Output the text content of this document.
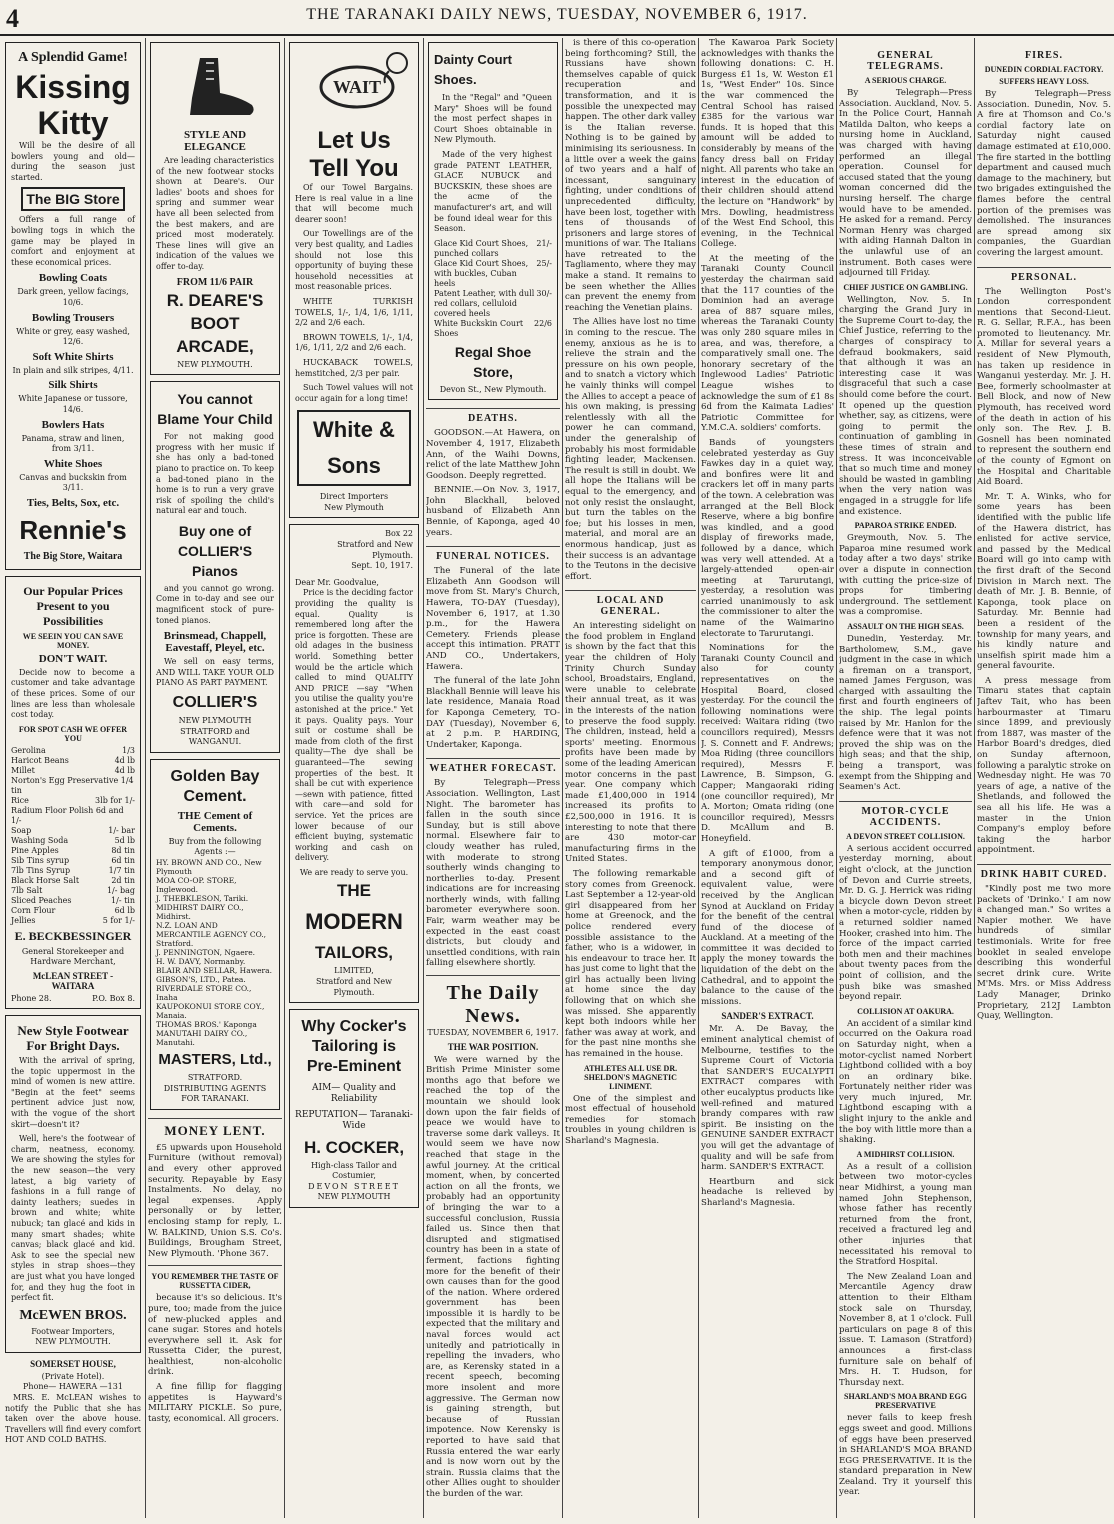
4	THE TARANAKI DAILY NEWS, TUESDAY, NOVEMBER 6, 1917.
A Splendid Game!
Kissing
Kitty

Will be the desire of all bowlers young and old—during the season just started.

The BIG Store

Offers a full range of bowling togs in which the game may be played in comfort and enjoyment at these economical prices.

Bowling Coats
Dark green, yellow facings, 10/6.
Bowling Trousers
White or grey, easy washed, 12/6.
Soft White Shirts
In plain and silk stripes, 4/11.
Silk Shirts
White Japanese or tussore, 14/6.
Bowlers Hats
Panama, straw and linen, from 3/11.
White Shoes
Canvas and buckskin from 3/11.
Ties, Belts, Sox, etc.
Rennie's
The Big Store, Waitara
Our Popular Prices Present to you Possibilities
WE SEEIN YOU CAN SAVE MONEY.
DON'T WAIT.

Decide now to become a customer and take advantage of these prices. Some of our lines are less than wholesale cost today.

FOR SPOT CASH WE OFFER YOU
Gerolina	1/3
Haricot Beans	4d lb
Millet	4d lb
Norton's Egg Preservative 1/4 tin
Rice	3lb for 1/-
Radium Floor Polish 6d and 1/-
Soap	1/- bar
Washing Soda	5d lb
Pine Apples	8d tin
Sib Tins syrup	6d tin
7lb Tins Syrup	1/7 tin
Black Horse Salt	2d tin
7lb Salt	1/- bag
Sliced Peaches	1/- tin
Corn Flour	6d lb
Jellies	5 for 1/-
E. BECKBESSINGER
General Storekeeper and Hardware Merchant,
McLEAN STREET - WAITARA
Phone 28.	P.O. Box 8.
New Style Footwear For Bright Days.

With the arrival of spring, the topic uppermost in the mind of women is new attire. "Begin at the feet" seems pertinent advice just now, with the vogue of the short skirt—doesn't it?

Well, here's the footwear of charm, neatness, economy. We are showing the styles for the new season—the very latest, a big variety of fashions in a full range of dainty leathers; suedes in brown and white; white nubuck; tan glacé and kids in many smart shades; white canvas; black glacé and kid. Ask to see the special new styles in strap shoes—they are just what you have longed for, and they hug the foot in perfect fit.

McEWEN BROS.
Footwear Importers,
NEW PLYMOUTH.
SOMERSET HOUSE,
(Private Hotel).
Phone— HAWERA —131

MRS. E. McLEAN wishes to notify the Public that she has taken over the above house. Travellers will find every comfort HOT AND COLD BATHS.

STYLE AND ELEGANCE

Are leading characteristics of the new footwear stocks shown at Deare's. Our ladies' boots and shoes for spring and summer wear have all been selected from the best makers, and are priced most moderately. These lines will give an indication of the values we offer to-day.

FROM 11/6 PAIR
R. DEARE'S
BOOT
ARCADE,
NEW PLYMOUTH.
You cannot Blame Your Child

For not making good progress with her music if she has only a bad-toned piano to practice on. To keep a bad-toned piano in the home is to run a very grave risk of spoiling the child's natural ear and touch.

Buy one of COLLIER'S Pianos

and you cannot go wrong. Come in to-day and see our magnificent stock of pure-toned pianos.

Brinsmead, Chappell, Eavestaff, Pleyel, etc.

We sell on easy terms, AND WILL TAKE YOUR OLD PIANO AS PART PAYMENT.

COLLIER'S
NEW PLYMOUTH
STRATFORD and
WANGANUI.
Golden Bay Cement.
THE Cement of Cements.
Buy from the following Agents :—
HY. BROWN AND CO., New Plymouth
MOA CO-OP. STORE, Inglewood.
J. THEBKLESON, Tariki.
MIDHIRST DAIRY CO., Midhirst.
N.Z. LOAN AND MERCANTILE AGENCY CO., Stratford.
J. PENNINGTON, Ngaere.
H. W. DAVY, Normanby.
BLAIR AND SELLAR, Hawera.
GIBSON'S, LTD., Patea.
RIVERDALE STORE CO., Inaha
KAUPOKONUI STORE COY., Manaia.
THOMAS BROS.' Kaponga
MANUTAHI DAIRY CO., Manutahi.
MASTERS, Ltd.,
STRATFORD.
DISTRIBUTING AGENTS FOR TARANAKI.
MONEY LENT.

£5 upwards upon Household Furniture (without removal) and every other approved security. Repayable by Easy Instalments. No delay, no legal expenses. Apply personally or by letter, enclosing stamp for reply, L. W. BALKIND, Union S.S. Co's. Buildings, Brougham Street, New Plymouth. 'Phone 367.

YOU REMEMBER THE TASTE OF RUSSETTA CIDER,

because it's so delicious. It's pure, too; made from the juice of new-plucked apples and cane sugar. Stores and hotels everywhere sell it. Ask for Russetta Cider, the purest, healthiest, non-alcoholic drink.

A fine fillip for flagging appetites is Hayward's MILITARY PICKLE. So pure, tasty, economical. All grocers.

WAIT
Let Us Tell You

Of our Towel Bargains. Here is real value in a line that will become much dearer soon!

Our Towellings are of the very best quality, and Ladies should not lose this opportunity of buying these household necessities at most reasonable prices.

WHITE TURKISH TOWELS, 1/-, 1/4, 1/6, 1/11, 2/2 and 2/6 each.

BROWN TOWELS, 1/-, 1/4, 1/6, 1/11, 2/2 and 2/6 each.

HUCKABACK TOWELS, hemstitched, 2/3 per pair.

Such Towel values will not occur again for a long time!

White & Sons
Direct Importers
New Plymouth
Box 22
Stratford and New Plymouth.
Sept. 10, 1917.
Dear Mr. Goodvalue,

Price is the deciding factor providing the quality is equal. Quality is remembered long after the price is forgotten. These are old adages in the business world. Something better would be the article which called to mind QUALITY AND PRICE —say "When you utilise the quality you're astonished at the price." Yet it pays. Quality pays. Your suit or costume shall be made from cloth of the first quality—The dye shall be guaranteed—The sewing properties of the best. It shall be cut with experience—sewn with patience, fitted with care—and sold for service. Yet the prices are lower because of our efficient buying, systematic working and cash on delivery.

We are ready to serve you.
THE
MODERN
TAILORS,
LIMITED,
Stratford and New Plymouth.
Why Cocker's Tailoring is Pre-Eminent
AIM— Quality and Reliability
REPUTATION— Taranaki-Wide
H. COCKER,
High-class Tailor and Costumier,
DEVON STREET
NEW PLYMOUTH
Dainty Court Shoes.

In the "Regal" and "Queen Mary" Shoes will be found the most perfect shapes in Court Shoes obtainable in New Plymouth.

Made of the very highest grade PATENT LEATHER, GLACE NUBUCK and BUCKSKIN, these shoes are the acme of the manufacturer's art, and will be found ideal wear for this Season.

Glace Kid Court Shoes, punched collars
21/-
Glace Kid Court Shoes, with buckles, Cuban heels
25/-
Patent Leather, with dull red collars, celluloid covered heels
30/-
White Buckskin Court Shoes
22/6
Regal Shoe Store,
Devon St., New Plymouth.
DEATHS.

GOODSON.—At Hawera, on November 4, 1917, Elizabeth Ann, of the Waihi Downs, relict of the late Matthew John Goodson. Deeply regretted.

BENNIE.—On Nov. 3, 1917, John Blackhall, beloved husband of Elizabeth Ann Bennie, of Kaponga, aged 40 years.

FUNERAL NOTICES.

The Funeral of the late Elizabeth Ann Goodson will move from St. Mary's Church, Hawera, TO-DAY (Tuesday), November 6, 1917, at 1.30 p.m., for the Hawera Cemetery. Friends please accept this intimation. PRATT AND CO., Undertakers, Hawera.

The funeral of the late John Blackhall Bennie will leave his late residence, Manaia Road for Kaponga Cemetery, TO-DAY (Tuesday), November 6, at 2 p.m. P. HARDING, Undertaker, Kaponga.

WEATHER FORECAST.

By Telegraph—Press Association. Wellington, Last Night. The barometer has fallen in the south since Sunday, but is still above normal. Elsewhere fair to cloudy weather has ruled, with moderate to strong southerly winds changing to northerlies to-day. Present indications are for increasing northerly winds, with falling barometer everywhere soon. Fair, warm weather may be expected in the east coast districts, but cloudy and unsettled conditions, with rain falling elsewhere shortly.

The Daily News.
TUESDAY, NOVEMBER 6, 1917.
THE WAR POSITION.

We were warned by the British Prime Minister some months ago that before we reached the top of the mountain we should look down upon the fair fields of peace we would have to traverse some dark valleys. It would seem we have now reached that stage in the awful journey. At the critical moment, when, by concerted action on all the fronts, we probably had an opportunity of bringing the war to a successful conclusion, Russia failed us. Since then that disrupted and stigmatised country has been in a state of ferment, factions fighting more for the benefit of their own causes than for the good of the nation. Where ordered government has been impossible it is hardly to be expected that the military and naval forces would act unitedly and patriotically in repelling the invaders, who are, as Kerensky stated in a recent speech, becoming more insolent and more aggressive. The German now is gaining strength, but because of Russian impotence. Now Kerensky is reported to have said that Russia entered the war early and is now worn out by the strain. Russia claims that the other Allies ought to shoulder the burden of the war.

is there of this co-operation being forthcoming? Still, the Russians have shown themselves capable of quick recuperation and transformation, and it is possible the unexpected may happen. The other dark valley is the Italian reverse. Nothing is to be gained by minimising its seriousness. In a little over a week the gains of two years and a half of incessant, sanguinary fighting, under conditions of unprecedented difficulty, have been lost, together with tens of thousands of prisoners and large stores of munitions of war. The Italians have retreated to the Tagliamento, where they may make a stand. It remains to be seen whether the Allies can prevent the enemy from reaching the Venetian plains.

The Allies have lost no time in coming to the rescue. The enemy, anxious as he is to relieve the strain and the pressure on his own people, and to snatch a victory which he vainly thinks will compel the Allies to accept a peace of his own making, is pressing relentlessly with all the power he can command, under the generalship of probably his most formidable fighting leader, Mackensen. The result is still in doubt. We all hope the Italians will be equal to the emergency, and not only resist the onslaught, but turn the tables on the foe; but his losses in men, material, and moral are an enormous handicap, just as their success is an advantage to the Teutons in the decisive effort.

LOCAL AND GENERAL.

An interesting sidelight on the food problem in England is shown by the fact that this year the children of Holy Trinity Church Sunday school, Broadstairs, England, were unable to celebrate their annual treat, as it was in the interests of the nation to preserve the food supply. The children, instead, held a sports' meeting. Enormous profits have been made by some of the leading American motor concerns in the past year. One company which made £1,400,000 in 1914 increased its profits to £2,500,000 in 1916. It is interesting to note that there are 430 motor-car manufacturing firms in the United States.

The following remarkable story comes from Greenock. Last September a 12-year-old girl disappeared from her home at Greenock, and the police rendered every possible assistance to the father, who is a widower, in his endeavour to trace her. It has just come to light that the girl has actually been living at home since the day following that on which she was missed. She apparently kept both indoors while her father was away at work, and for the past nine months she has remained in the house.

ATHLETES ALL USE DR. SHELDON'S MAGNETIC LINIMENT.

One of the simplest and most effectual of household remedies for stomach troubles in young children is Sharland's Magnesia.

The Kawaroa Park Society acknowledges with thanks the following donations: C. H. Burgess £1 1s, W. Weston £1 1s, "West Ender" 10s. Since the war commenced the Central School has raised £385 for the various war funds. It is hoped that this amount will be added to considerably by means of the fancy dress ball on Friday night. All parents who take an interest in the education of their children should attend the lecture on "Handwork" by Mrs. Dowling, headmistress of the West End School, this evening, in the Technical College.

At the meeting of the Taranaki County Council yesterday the chairman said that the 117 counties of the Dominion had an average area of 887 square miles, whereas the Taranaki County was only 280 square miles in area, and was, therefore, a comparatively small one. The honorary secretary of the Inglewood Ladies' Patriotic League wishes to acknowledge the sum of £1 8s 6d from the Kaimata Ladies' Patriotic Committee for Y.M.C.A. soldiers' comforts.

Bands of youngsters celebrated yesterday as Guy Fawkes day in a quiet way, and bonfires were lit and crackers let off in many parts of the town. A celebration was arranged at the Bell Block Reserve, where a big bonfire was kindled, and a good display of fireworks made, followed by a dance, which was very well attended. At a largely-attended open-air meeting at Tarurutangi, yesterday, a resolution was carried unanimously to ask the commissioner to alter the name of the Waimarino electorate to Tarurutangi.

Nominations for the Taranaki County Council and also for county representatives on the Hospital Board, closed yesterday. For the council the following nominations were received: Waitara riding (two councillors required), Messrs J. S. Connett and F. Andrews; Moa Riding (three councillors required), Messrs F. Lawrence, B. Simpson, G. Capper; Mangaoraki riding (one councillor required), Mr A. Morton; Omata riding (one councillor required), Messrs D. McAllum and B. Honeyfield.

A gift of £1000, from a temporary anonymous donor, and a second gift of equivalent value, were received by the Anglican Synod at Auckland on Friday for the benefit of the central fund of the diocese of Auckland. At a meeting of the committee it was decided to apply the money towards the liquidation of the debt on the Cathedral, and to appoint the balance to the cause of the missions.

SANDER'S EXTRACT.

Mr. A. De Bavay, the eminent analytical chemist of Melbourne, testifies to the Supreme Court of Victoria that SANDER'S EUCALYPTI EXTRACT compares with other eucalyptus products like well-refined and matured brandy compares with raw spirit. Be insisting on the GENUINE SANDER EXTRACT you will get the advantage of quality and will be safe from harm. SANDER'S EXTRACT.

Heartburn and sick headache is relieved by Sharland's Magnesia.

GENERAL TELEGRAMS.
A SERIOUS CHARGE.

By Telegraph—Press Association. Auckland, Nov. 5. In the Police Court, Hannah Matilda Dalton, who keeps a nursing home in Auckland, was charged with having performed an illegal operation. Counsel for accused stated that the young woman concerned did the nursing herself. The charge would have to be amended. He asked for a remand. Percy Norman Henry was charged with aiding Hannah Dalton in the unlawful use of an instrument. Both cases were adjourned till Friday.

CHIEF JUSTICE ON GAMBLING.

Wellington, Nov. 5. In charging the Grand Jury in the Supreme Court to-day, the Chief Justice, referring to the charges of conspiracy to defraud bookmakers, said that although it was an interesting case it was disgraceful that such a case should come before the court. It opened up the question whether, say, as citizens, were going to permit the continuation of gambling in these times of strain and stress. It was inconceivable that so much time and money should be wasted in gambling when the very nation was engaged in a struggle for life and existence.

PAPAROA STRIKE ENDED.

Greymouth, Nov. 5. The Paparoa mine resumed work today after a two days' strike over a dispute in connection with cutting the price-size of props for timbering underground. The settlement was a compromise.

ASSAULT ON THE HIGH SEAS.

Dunedin, Yesterday. Mr. Bartholomew, S.M., gave judgment in the case in which a fireman on a transport, named James Ferguson, was charged with assaulting the first and fourth engineers of the ship. The legal points raised by Mr. Hanlon for the defence were that it was not proved the ship was on the high seas; and that the ship, being a transport, was exempt from the Shipping and Seamen's Act.

MOTOR-CYCLE ACCIDENTS.
A DEVON STREET COLLISION.

A serious accident occurred yesterday morning, about eight o'clock, at the junction of Devon and Currie streets, Mr. D. G. J. Herrick was riding a bicycle down Devon street when a motor-cycle, ridden by a returned soldier named Hooker, crashed into him. The force of the impact carried both men and their machines about twenty paces from the point of collision, and the push bike was smashed beyond repair.

COLLISION AT OAKURA.

An accident of a similar kind occurred on the Oakura road on Saturday night, when a motor-cyclist named Norbert Lightbond collided with a boy on an ordinary bike. Fortunately neither rider was very much injured, Mr. Lightbond escaping with a slight injury to the ankle and the boy with little more than a shaking.

A MIDHIRST COLLISION.

As a result of a collision between two motor-cycles near Midhirst, a young man named John Stephenson, whose father has recently returned from the front, received a fractured leg and other injuries that necessitated his removal to the Stratford Hospital.

The New Zealand Loan and Mercantile Agency draw attention to their Eltham stock sale on Thursday, November 8, at 1 o'clock. Full particulars on page 8 of this issue. T. Lamason (Stratford) announces a first-class furniture sale on behalf of Mrs. H. T. Hudson, for Thursday next.

SHARLAND'S MOA BRAND EGG PRESERVATIVE

never fails to keep fresh eggs sweet and good. Millions of eggs have been preserved in SHARLAND'S MOA BRAND EGG PRESERVATIVE. It is the standard preparation in New Zealand. Try it yourself this year.

FIRES.
DUNEDIN CORDIAL FACTORY.
SUFFERS HEAVY LOSS.

By Telegraph—Press Association. Dunedin, Nov. 5. A fire at Thomson and Co.'s cordial factory late on Saturday night caused damage estimated at £10,000. The fire started in the bottling department and caused much damage to the machinery, but two brigades extinguished the flames before the central portion of the premises was demolished. The insurances are spread among six companies, the Guardian covering the largest amount.

PERSONAL.

The Wellington Post's London correspondent mentions that Second-Lieut. R. G. Sellar, R.F.A., has been promoted to lieutenancy. Mr. A. Millar for several years a resident of New Plymouth, has taken up residence in Wanganui yesterday. Mr. J. H. Bee, formerly schoolmaster at Bell Block, and now of New Plymouth, has received word of the death in action of his only son. The Rev. J. B. Gosnell has been nominated to represent the southern end of the county of Egmont on the Hospital and Charitable Aid Board.

Mr. T. A. Winks, who for some years has been identified with the public life of the Hawera district, has enlisted for active service, and passed by the Medical Board will go into camp with the first draft of the Second Division in March next. The death of Mr. J. B. Bennie, of Kaponga, took place on Saturday. Mr. Bennie had been a resident of the township for many years, and his kindly nature and unselfish spirit made him a general favourite.

A press message from Timaru states that captain Jaftev Tait, who has been harbourmaster at Timaru since 1899, and previously from 1887, was master of the Harbor Board's dredges, died on Sunday afternoon, following a paralytic stroke on Wednesday night. He was 70 years of age, a native of the Shetlands, and followed the sea all his life. He was a master in the Union Company's employ before taking the harbor appointment.

DRINK HABIT CURED.

"Kindly post me two more packets of 'Drinko.' I am now a changed man." So writes a Napier mother. We have hundreds of similar testimonials. Write for free booklet in sealed envelope describing this wonderful secret drink cure. Write M'Ms. Mrs. or Miss Address Lady Manager, Drinko Proprietary, 212J Lambton Quay, Wellington.
